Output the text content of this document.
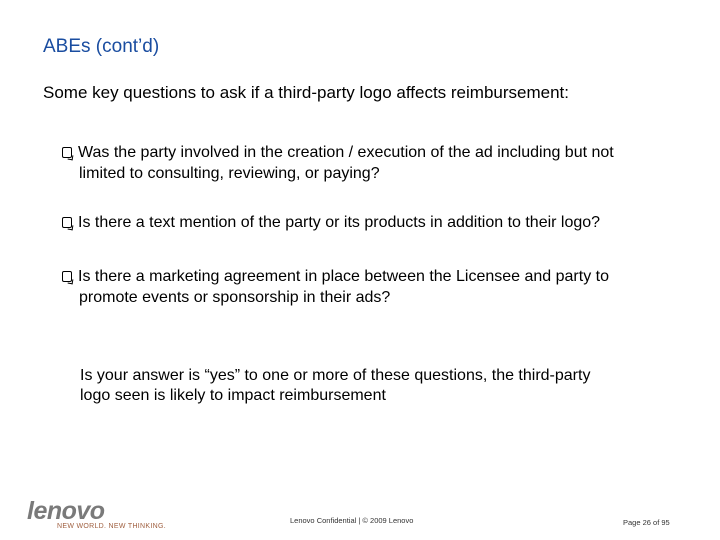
ABEs (cont’d)
Some key questions to ask if a third-party logo affects reimbursement:
Was the party involved in the creation / execution of the ad including but not
limited to consulting, reviewing, or paying?
Is there a text mention of the party or its products in addition to their logo?
Is there a marketing agreement in place between the Licensee and party to
promote events or sponsorship in their ads?
Is your answer is “yes” to one or more of these questions, the third-party
logo seen is likely to impact reimbursement
lenovo
NEW WORLD. NEW THINKING.
Lenovo Confidential | © 2009 Lenovo	Page 26 of 95
